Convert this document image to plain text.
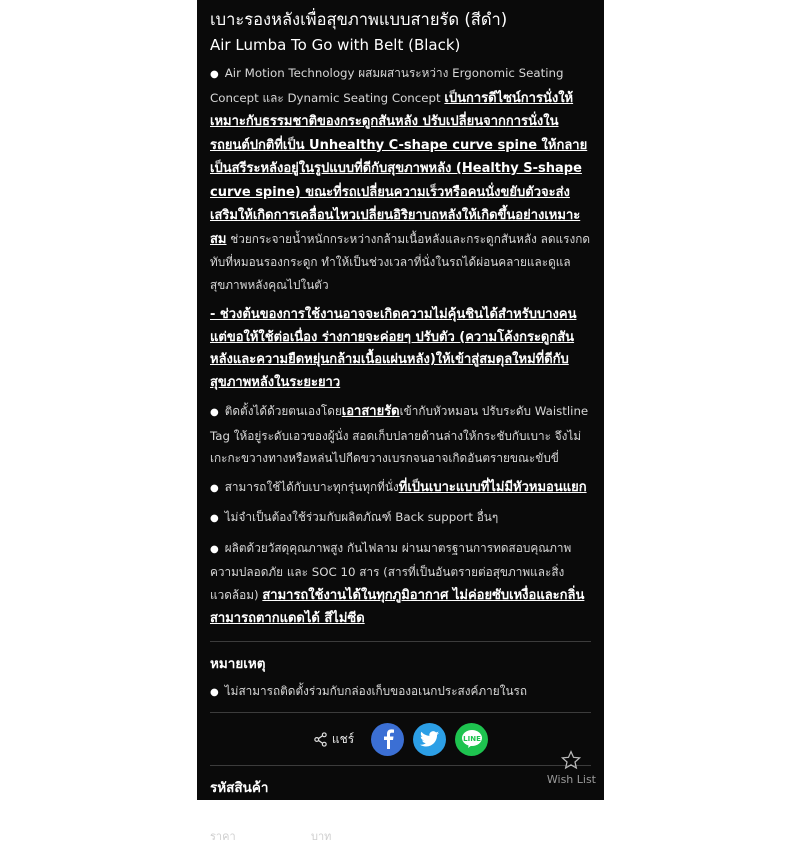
เบาะรองหลังเพื่อสุขภาพแบบสายรัด (สีดำ)
Air Lumba To Go with Belt (Black)
● Air Motion Technology ผสมผสานระหว่าง Ergonomic Seating Concept และ Dynamic Seating Concept เป็นการดีไซน์การนั่งให้เหมาะกับธรรมชาติของกระดูกสันหลัง ปรับเปลี่ยนจากการนั่งในรถยนต์ปกติที่เป็น Unhealthy C-shape curve spine ให้กลายเป็นสรีระหลังอยู่ในรูปแบบที่ดีกับสุขภาพหลัง (Healthy S-shape curve spine) ขณะที่รถเปลี่ยนความเร็วหรือคนนั่งขยับตัวจะส่งเสริมให้เกิดการเคลื่อนไหวเปลี่ยนอิริยาบถหลังให้เกิดขึ้นอย่างเหมาะสม ช่วยกระจายน้ำหนักกระหว่างกล้ามเนื้อหลังและกระดูกสันหลัง ลดแรงกดทับที่หมอนรองกระดูก ทำให้เป็นช่วงเวลาที่นั่งในรถได้ผ่อนคลายและดูแลสุขภาพหลังคุณไปในตัว
- ช่วงต้นของการใช้งานอาจจะเกิดความไม่คุ้นชินได้สำหรับบางคน แต่ขอให้ใช้ต่อเนื่อง ร่างกายจะค่อยๆ ปรับตัว (ความโค้งกระดูกสันหลังและความยืดหยุ่นกล้ามเนื้อแผ่นหลัง)ให้เข้าสู่สมดุลใหม่ที่ดีกับสุขภาพหลังในระยะยาว
● ติดตั้งได้ด้วยตนเองโดยเอาสายรัดเข้ากับหัวหมอน ปรับระดับ Waistline Tag ให้อยู่ระดับเอวของผู้นั่ง สอดเก็บปลายด้านล่างให้กระชับกับเบาะ จึงไม่เกะกะขวางทางหรือหล่นไปกีดขวางเบรกจนอาจเกิดอันตรายขณะขับขี่
● สามารถใช้ได้กับเบาะทุกรุ่นทุกที่นั่งที่เป็นเบาะแบบที่ไม่มีหัวหมอนแยก
● ไม่จำเป็นต้องใช้ร่วมกับผลิตภัณฑ์ Back support อื่นๆ
● ผลิตด้วยวัสดุคุณภาพสูง กันไฟลาม ผ่านมาตรฐานการทดสอบคุณภาพความปลอดภัย และ SOC 10 สาร (สารที่เป็นอันตรายต่อสุขภาพและสิ่งแวดล้อม) สามารถใช้งานได้ในทุกภูมิอากาศ ไม่ค่อยซับเหงื่อและกลิ่น สามารถตากแดดได้ สีไม่ซีด
หมายเหตุ
● ไม่สามารถติดตั้งร่วมกับกล่องเก็บของอเนกประสงค์ภายในรถ
แชร์	LINE
รหัสสินค้า
PC229-0K005
ราคา 3,990.00 บาท
Wish List
